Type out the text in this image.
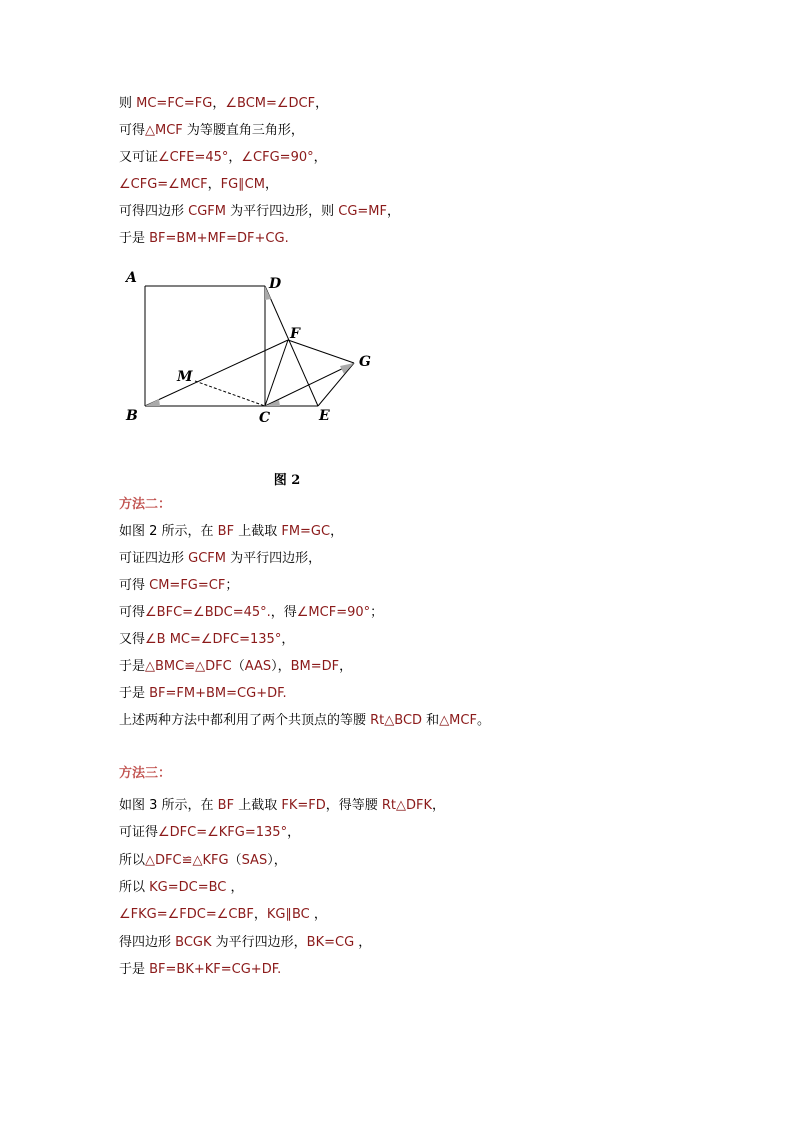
则 MC=FC=FG，∠BCM=∠DCF，
可得△MCF 为等腰直角三角形，
又可证∠CFE=45°，∠CFG=90°，
∠CFG=∠MCF，FG∥CM，
可得四边形 CGFM 为平行四边形，则 CG=MF，
于是 BF=BM+MF=DF+CG.
A	D
F
G
M
B	C	E
图 2
方法二：
如图 2 所示，在 BF 上截取 FM=GC，
可证四边形 GCFM 为平行四边形，
可得 CM=FG=CF；
可得∠BFC=∠BDC=45°.，得∠MCF=90°；
又得∠B MC=∠DFC=135°，
于是△BMC≌△DFC（AAS），BM=DF，
于是 BF=FM+BM=CG+DF.
上述两种方法中都利用了两个共顶点的等腰 Rt△BCD 和△MCF。
方法三：
如图 3 所示，在 BF 上截取 FK=FD，得等腰 Rt△DFK，
可证得∠DFC=∠KFG=135°，
所以△DFC≌△KFG（SAS），
所以 KG=DC=BC ，
∠FKG=∠FDC=∠CBF，KG∥BC ，
得四边形 BCGK 为平行四边形，BK=CG ，
于是 BF=BK+KF=CG+DF.
